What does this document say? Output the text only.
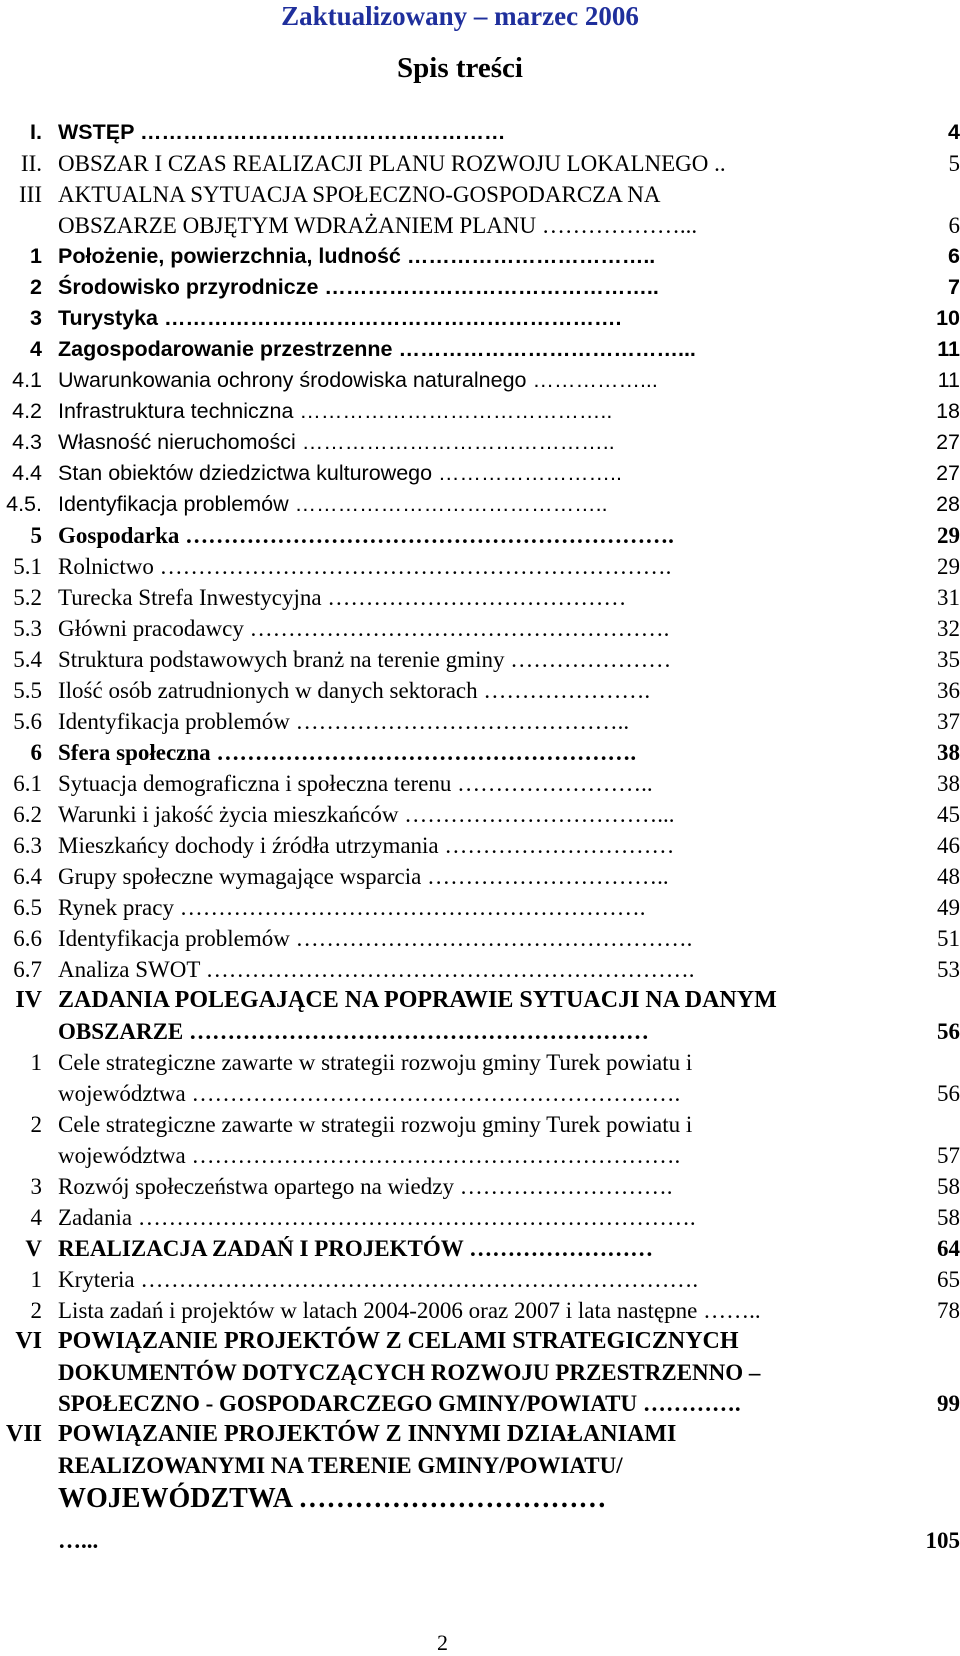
Zaktualizowany – marzec 2006
Spis treści
I. WSTĘP ……………………………………………	4
II. OBSZAR I CZAS REALIZACJI PLANU ROZWOJU LOKALNEGO ..	5
III AKTUALNA SYTUACJA SPOŁECZNO-GOSPODARCZA NA
OBSZARZE OBJĘTYM WDRAŻANIEM PLANU ………………...	6
1 Położenie, powierzchnia, ludność ……………………………..	6
2 Środowisko przyrodnicze ………………………………………..	7
3 Turystyka ……………………………………………………….	10
4 Zagospodarowanie przestrzenne …………………………………...	11
4.1 Uwarunkowania ochrony środowiska naturalnego ……………...	11
4.2 Infrastruktura techniczna ……………………………………..	18
4.3 Własność nieruchomości ……………………………………..	27
4.4 Stan obiektów dziedzictwa kulturowego ……………………..	27
4.5. Identyfikacja problemów ……………………………………..	28
5 Gospodarka ……………………………………………………….	29
5.1 Rolnictwo ………………………………………………………….	29
5.2 Turecka Strefa Inwestycyjna …………………………………	31
5.3 Główni pracodawcy ……………………………………………….	32
5.4 Struktura podstawowych branż na terenie gminy …………………	35
5.5 Ilość osób zatrudnionych w danych sektorach ………………….	36
5.6 Identyfikacja problemów ……………………………………..	37
6 Sfera społeczna ……………………………………………….	38
6.1 Sytuacja demograficzna i społeczna terenu ……………………..	38
6.2 Warunki i jakość życia mieszkańców ……………………………...	45
6.3 Mieszkańcy dochody i źródła utrzymania …………………………	46
6.4 Grupy społeczne wymagające wsparcia …………………………..	48
6.5 Rynek pracy …………………………………………………….	49
6.6 Identyfikacja problemów …………………………………………….	51
6.7 Analiza SWOT ……………………………………………………….	53
IV ZADANIA POLEGAJĄCE NA POPRAWIE SYTUACJI NA DANYM
OBSZARZE ……………………………………………………	56
1 Cele strategiczne zawarte w strategii rozwoju gminy Turek powiatu i
województwa ……………………………………………………….	56
2 Cele strategiczne zawarte w strategii rozwoju gminy Turek powiatu i
województwa ……………………………………………………….	57
3 Rozwój społeczeństwa opartego na wiedzy ……………………….	58
4 Zadania ……………………………………………………………….	58
V REALIZACJA ZADAŃ I PROJEKTÓW ……………………	64
1 Kryteria ……………………………………………………………….	65
2 Lista zadań i projektów w latach 2004-2006 oraz 2007 i lata następne ……..	78
VI POWIĄZANIE PROJEKTÓW Z CELAMI STRATEGICZNYCH
DOKUMENTÓW DOTYCZĄCYCH ROZWOJU PRZESTRZENNO –
SPOŁECZNO - GOSPODARCZEGO GMINY/POWIATU ………….	99
VII POWIĄZANIE PROJEKTÓW Z INNYMI DZIAŁANIAMI
REALIZOWANYMI NA TERENIE GMINY/POWIATU/
WOJEWÓDZTWA ……………………………
…...	105
2
